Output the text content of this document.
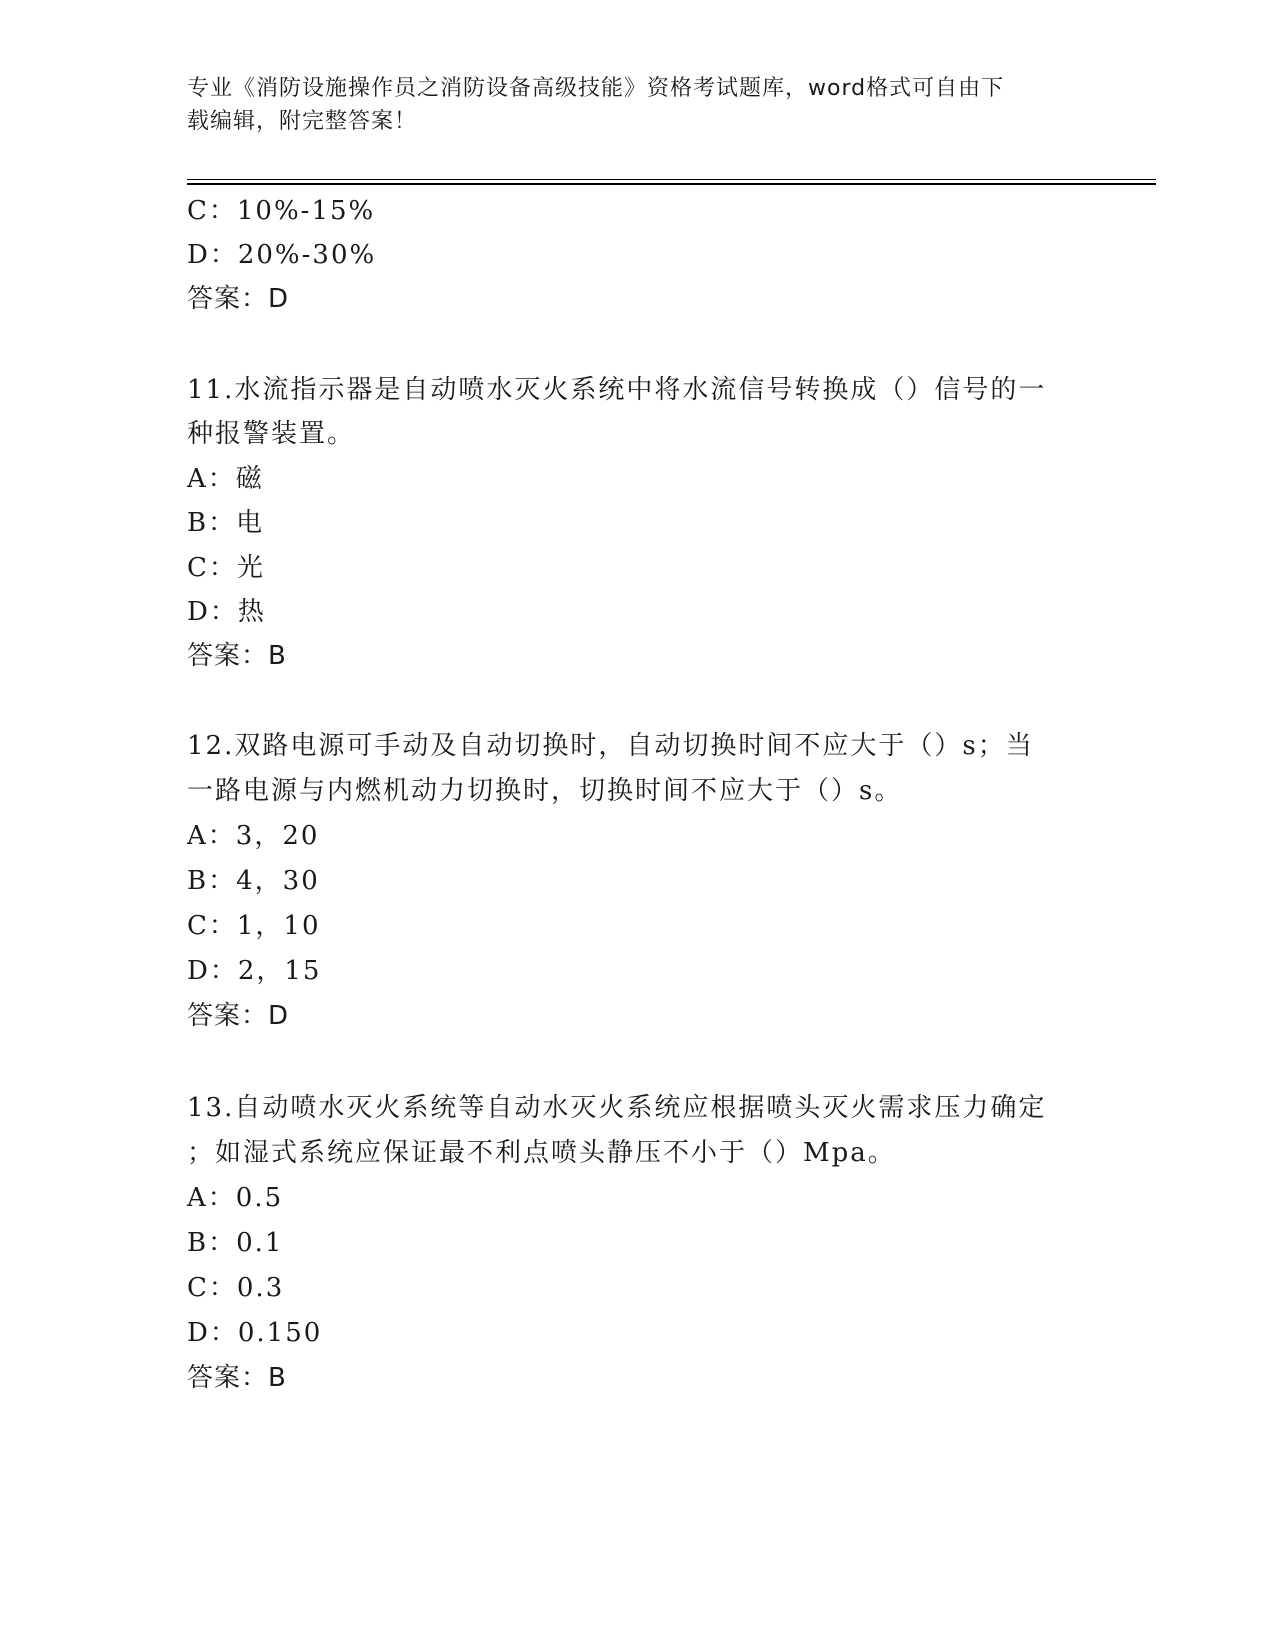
专业《消防设施操作员之消防设备高级技能》资格考试题库，word格式可自由下
载编辑，附完整答案！
C：10%-15%
D：20%-30%
答案：D
11.水流指示器是自动喷水灭火系统中将水流信号转换成（）信号的一
种报警装置。
A：磁
B：电
C：光
D：热
答案：B
12.双路电源可手动及自动切换时，自动切换时间不应大于（）s；当
一路电源与内燃机动力切换时，切换时间不应大于（）s。
A：3，20
B：4，30
C：1，10
D：2，15
答案：D
13.自动喷水灭火系统等自动水灭火系统应根据喷头灭火需求压力确定
；如湿式系统应保证最不利点喷头静压不小于（）Mpa。
A：0.5
B：0.1
C：0.3
D：0.150
答案：B
